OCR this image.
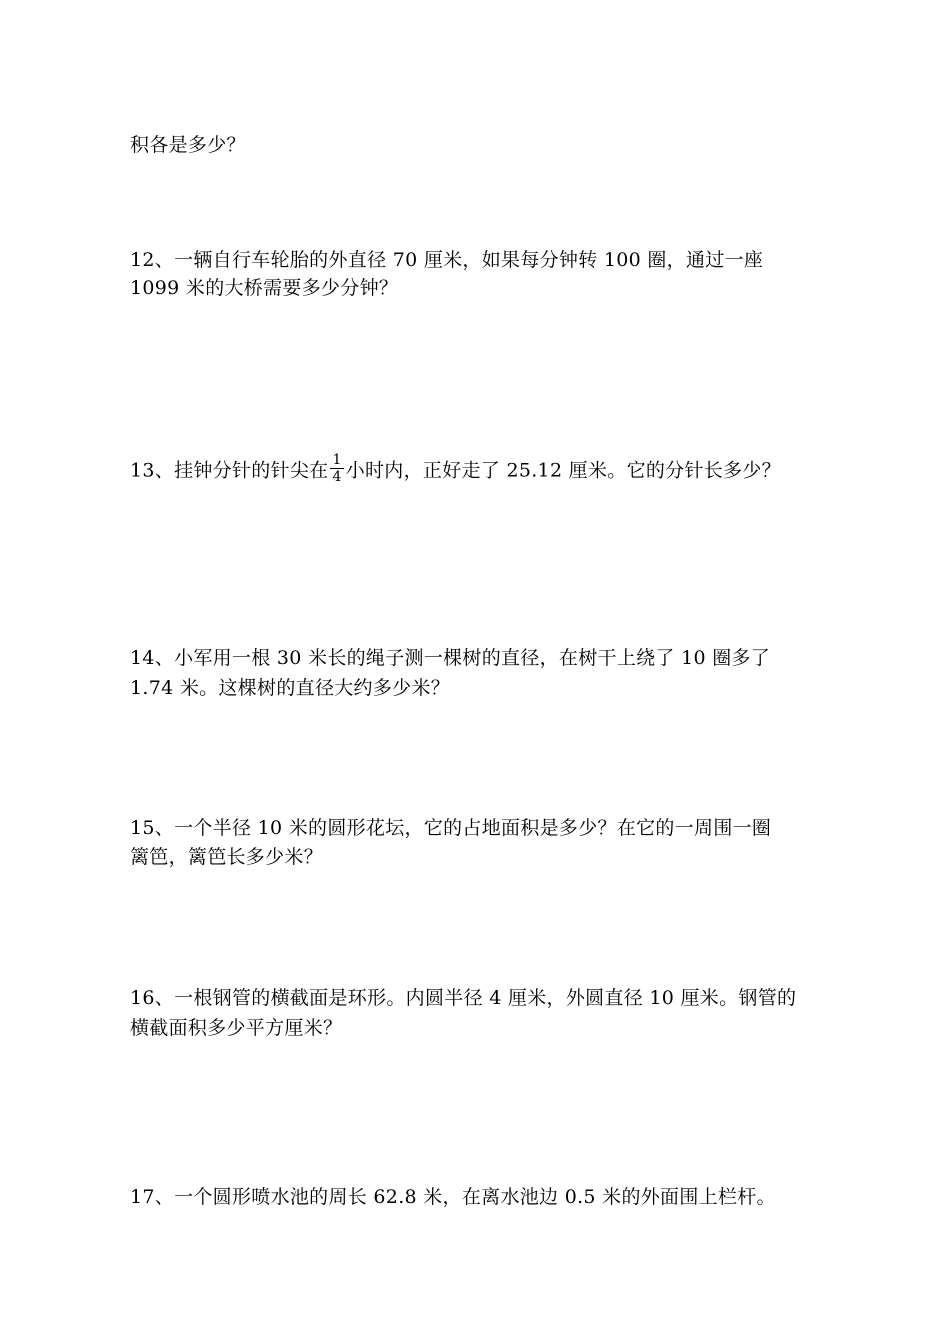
积各是多少？
12、一辆自行车轮胎的外直径 70 厘米，如果每分钟转 100 圈，通过一座
1099 米的大桥需要多少分钟？
13、挂钟分针的针尖在 $\frac{1}{4}$ 小时内，正好走了 25.12 厘米。它的分针长多少？
14、小军用一根 30 米长的绳子测一棵树的直径，在树干上绕了 10 圈多了
1.74 米。这棵树的直径大约多少米？
15、一个半径 10 米的圆形花坛，它的占地面积是多少？在它的一周围一圈
篱笆，篱笆长多少米？
16、一根钢管的横截面是环形。内圆半径 4 厘米，外圆直径 10 厘米。钢管的
横截面积多少平方厘米？
17、一个圆形喷水池的周长 62.8 米，在离水池边 0.5 米的外面围上栏杆。
